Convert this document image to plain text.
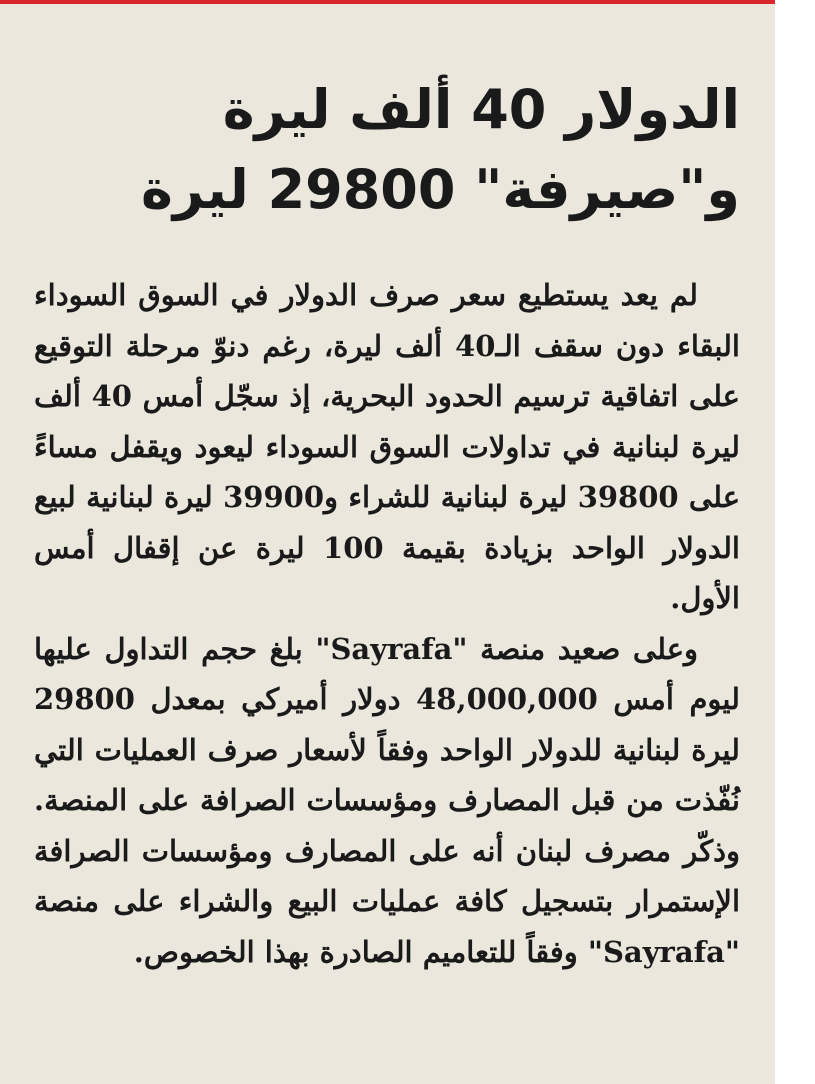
الدولار 40 ألف ليرة
و"صيرفة" 29800 ليرة

لم يعد يستطيع سعر صرف الدولار في السوق السوداء البقاء دون سقف الـ40 ألف ليرة، رغم دنوّ مرحلة التوقيع على اتفاقية ترسيم الحدود البحرية، إذ سجّل أمس 40 ألف ليرة لبنانية في تداولات السوق السوداء ليعود ويقفل مساءً على 39800 ليرة لبنانية للشراء و39900 ليرة لبنانية لبيع الدولار الواحد بزيادة بقيمة 100 ليرة عن إقفال أمس الأول.

وعلى صعيد منصة "Sayrafa" بلغ حجم التداول عليها ليوم أمس 48,000,000 دولار أميركي بمعدل 29800 ليرة لبنانية للدولار الواحد وفقاً لأسعار صرف العمليات التي نُفّذت من قبل المصارف ومؤسسات الصرافة على المنصة. وذكّر مصرف لبنان أنه على المصارف ومؤسسات الصرافة الإستمرار بتسجيل كافة عمليات البيع والشراء على منصة "Sayrafa" وفقاً للتعاميم الصادرة بهذا الخصوص.
